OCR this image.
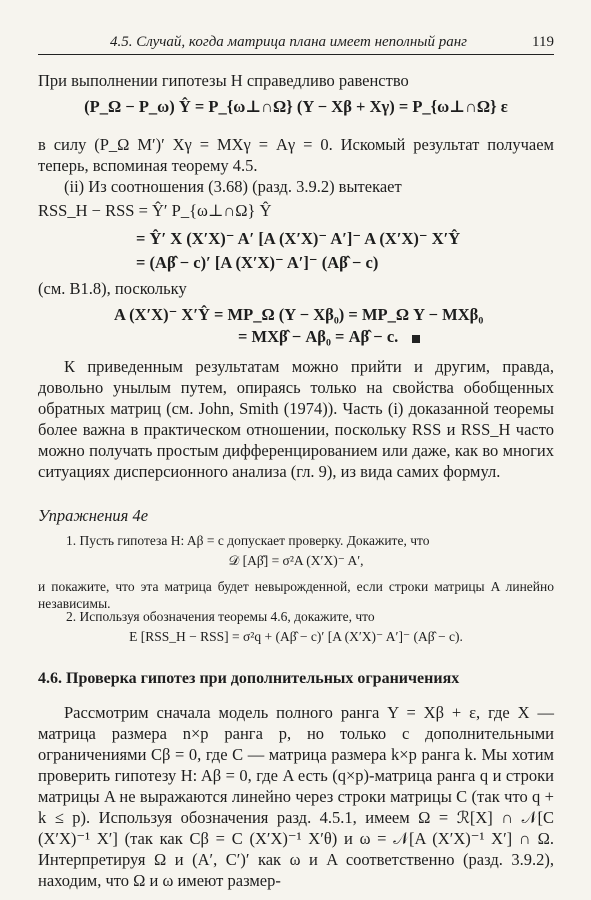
4.5. Случай, когда матрица плана имеет неполный ранг	119

При выполнении гипотезы H справедливо равенство

(P_Ω − P_ω) Ŷ = P_{ω⊥∩Ω} (Y − Xβ + Xγ) = P_{ω⊥∩Ω} ε

в силу (P_Ω M′)′ Xγ = MXγ = Aγ = 0. Искомый результат получаем теперь, вспоминая теорему 4.5.

(ii) Из соотношения (3.68) (разд. 3.9.2) вытекает

RSS_H − RSS = Ŷ′ P_{ω⊥∩Ω} Ŷ

= Ŷ′ X (X′X)⁻ A′ [A (X′X)⁻ A′]⁻ A (X′X)⁻ X′Ŷ

= (Aβ̂ − c)′ [A (X′X)⁻ A′]⁻ (Aβ̂ − c)

(см. B1.8), поскольку

A (X′X)⁻ X′Ŷ = MP_Ω (Y − Xβ₀) = MP_Ω Y − MXβ₀

= MXβ̂ − Aβ₀ = Aβ̂ − c.

К приведенным результатам можно прийти и другим, правда, довольно унылым путем, опираясь только на свойства обобщенных обратных матриц (см. John, Smith (1974)). Часть (i) доказанной теоремы более важна в практическом отношении, поскольку RSS и RSS_H часто можно получать простым дифференцированием или даже, как во многих ситуациях дисперсионного анализа (гл. 9), из вида самих формул.

Упражнения 4е

1. Пусть гипотеза H: Aβ = c допускает проверку. Докажите, что

𝒟 [Aβ̂] = σ²A (X′X)⁻ A′,

и покажите, что эта матрица будет невырожденной, если строки матрицы A линейно независимы.

2. Используя обозначения теоремы 4.6, докажите, что

E [RSS_H − RSS] = σ²q + (Aβ̂ − c)′ [A (X′X)⁻ A′]⁻ (Aβ̂ − c).

4.6. Проверка гипотез при дополнительных ограничениях

Рассмотрим сначала модель полного ранга Y = Xβ + ε, где X — матрица размера n×p ранга p, но только с дополнительными ограничениями Cβ = 0, где C — матрица размера k×p ранга k. Мы хотим проверить гипотезу H: Aβ = 0, где A есть (q×p)-матрица ранга q и строки матрицы A не выражаются линейно через строки матрицы C (так что q + k ≤ p). Используя обозначения разд. 4.5.1, имеем Ω = ℛ[X] ∩ 𝒩[C (X′X)⁻¹ X′] (так как Cβ = C (X′X)⁻¹ X′θ) и ω = 𝒩[A (X′X)⁻¹ X′] ∩ Ω. Интерпретируя Ω и (A′, C′)′ как ω и A соответственно (разд. 3.9.2), находим, что Ω и ω имеют размер-
